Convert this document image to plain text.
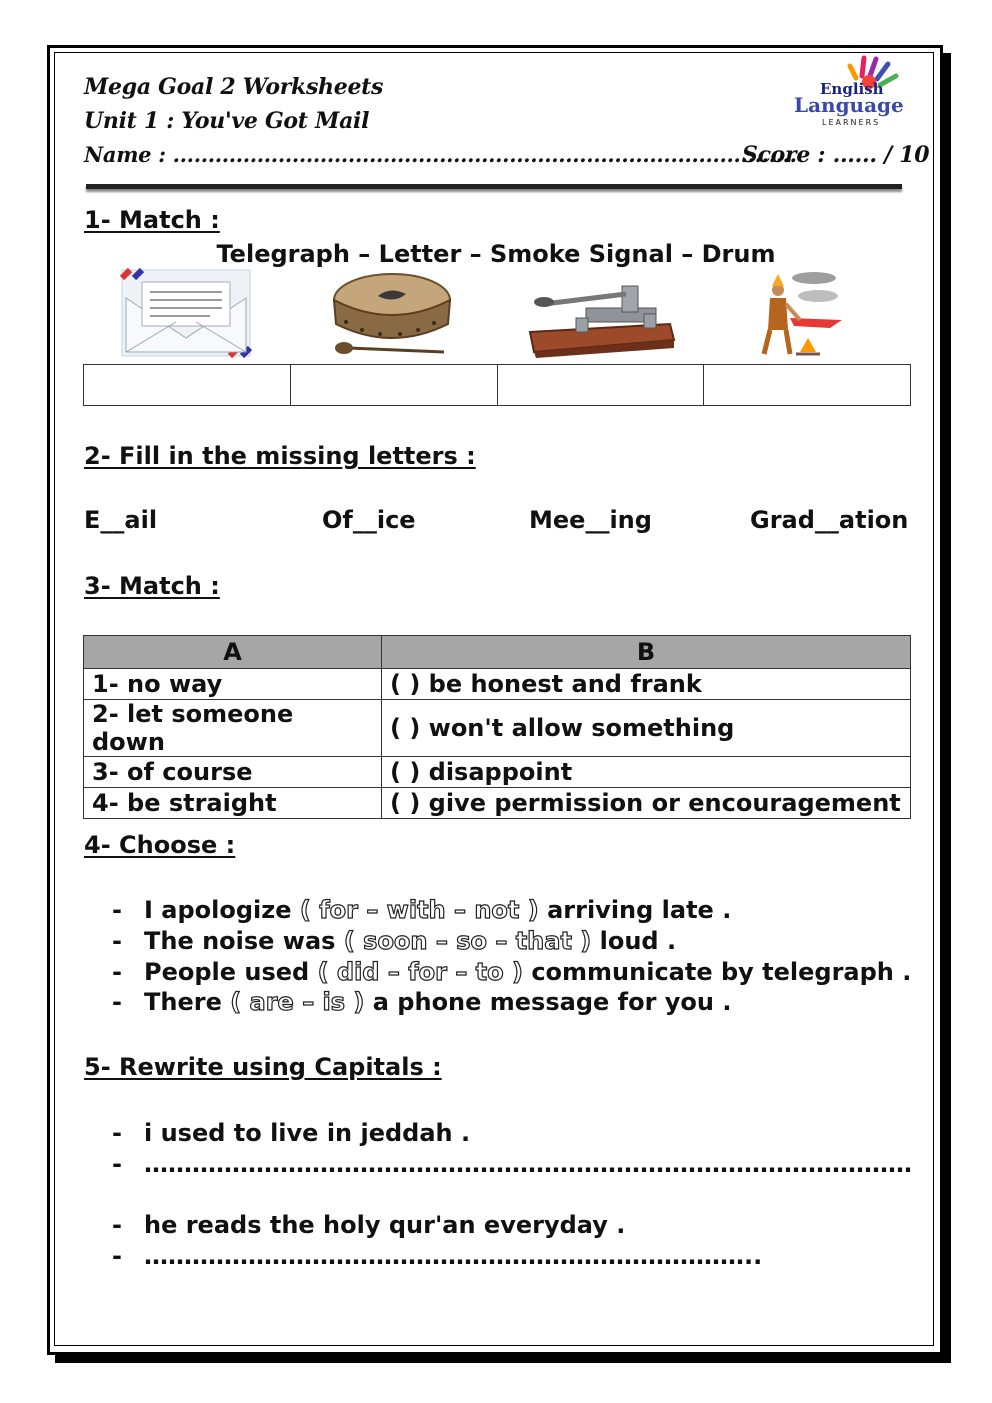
Mega Goal 2 Worksheets
Unit 1 : You've Got Mail
Name : .........................................................................................
Score : ...... / 10
English
Language
LEARNERS
1- Match :
Telegraph – Letter – Smoke Signal – Drum

2- Fill in the missing letters :
E__ail	Of__ice	Mee__ing	Grad__ation
3- Match :
A	B
1- no way	( ) be honest and frank
2- let someone down	( ) won't allow something
3- of course	( ) disappoint
4- be straight	( ) give permission or encouragement
4- Choose :
- I apologize ( for – with – not ) arriving late .
- The noise was ( soon – so – that ) loud .
- People used ( did – for – to ) communicate by telegraph .
- There ( are – is ) a phone message for you .
5- Rewrite using Capitals :
- i used to live in jeddah .
- ……………………………………………………………………………………
- he reads the holy qur'an everyday .
- …………………………………………………………………..
